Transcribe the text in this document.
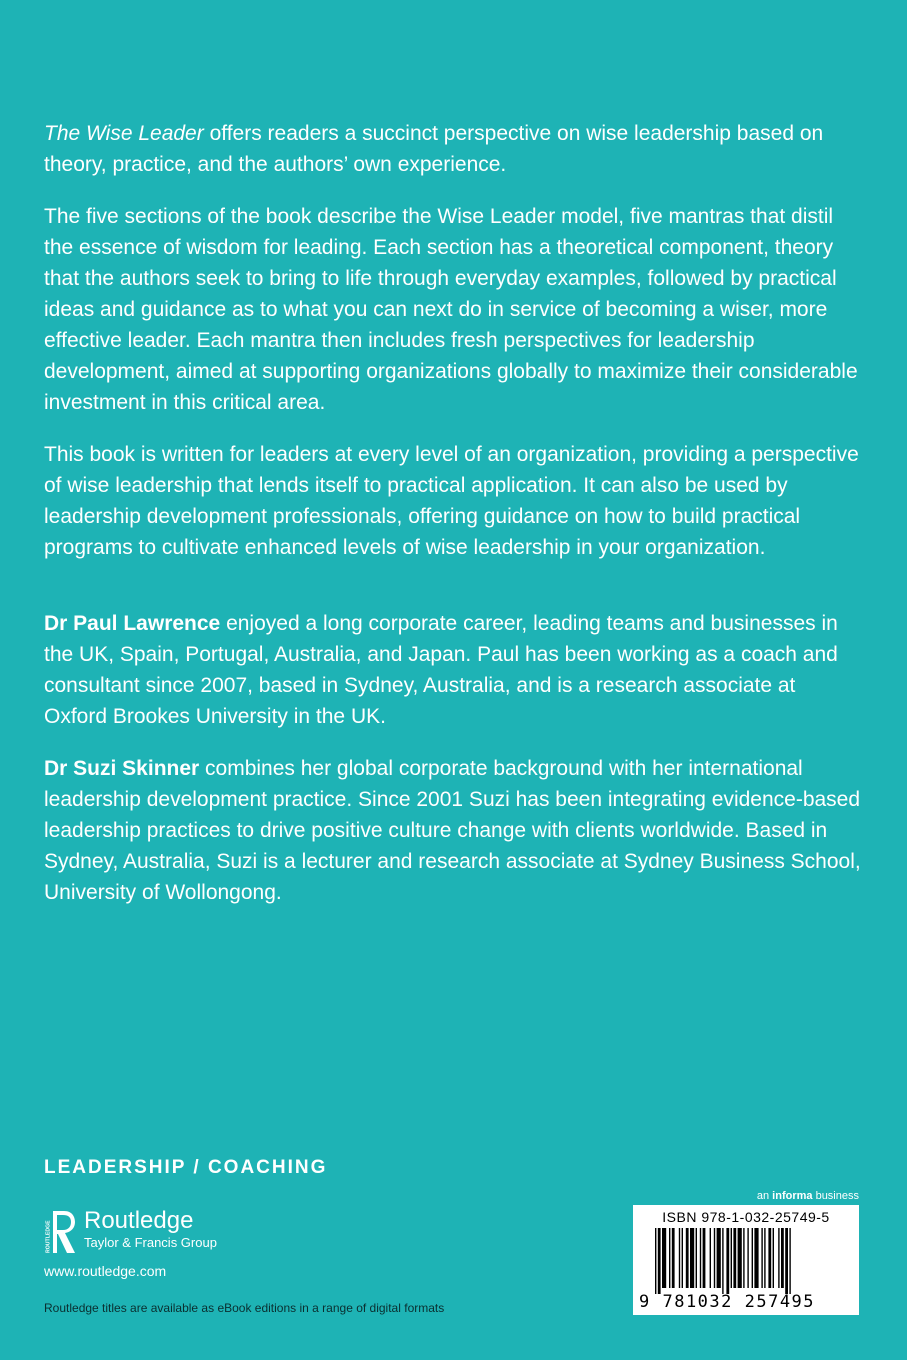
The Wise Leader offers readers a succinct perspective on wise leadership based on theory, practice, and the authors’ own experience.

The five sections of the book describe the Wise Leader model, five mantras that distil the essence of wisdom for leading. Each section has a theoretical component, theory that the authors seek to bring to life through everyday examples, followed by practical ideas and guidance as to what you can next do in service of becoming a wiser, more effective leader. Each mantra then includes fresh perspectives for leadership development, aimed at supporting organizations globally to maximize their considerable investment in this critical area.

This book is written for leaders at every level of an organization, providing a perspective of wise leadership that lends itself to practical application. It can also be used by leadership development professionals, offering guidance on how to build practical programs to cultivate enhanced levels of wise leadership in your organization.

Dr Paul Lawrence enjoyed a long corporate career, leading teams and businesses in the UK, Spain, Portugal, Australia, and Japan. Paul has been working as a coach and consultant since 2007, based in Sydney, Australia, and is a research associate at Oxford Brookes University in the UK.

Dr Suzi Skinner combines her global corporate background with her international leadership development practice. Since 2001 Suzi has been integrating evidence-based leadership practices to drive positive culture change with clients worldwide. Based in Sydney, Australia, Suzi is a lecturer and research associate at Sydney Business School, University of Wollongong.

LEADERSHIP / COACHING
ROUTLEDGE Routledge
Taylor & Francis Group
www.routledge.com
Routledge titles are available as eBook editions in a range of digital formats
an informa business
ISBN 978-1-032-25749-5
9 781032 257495
